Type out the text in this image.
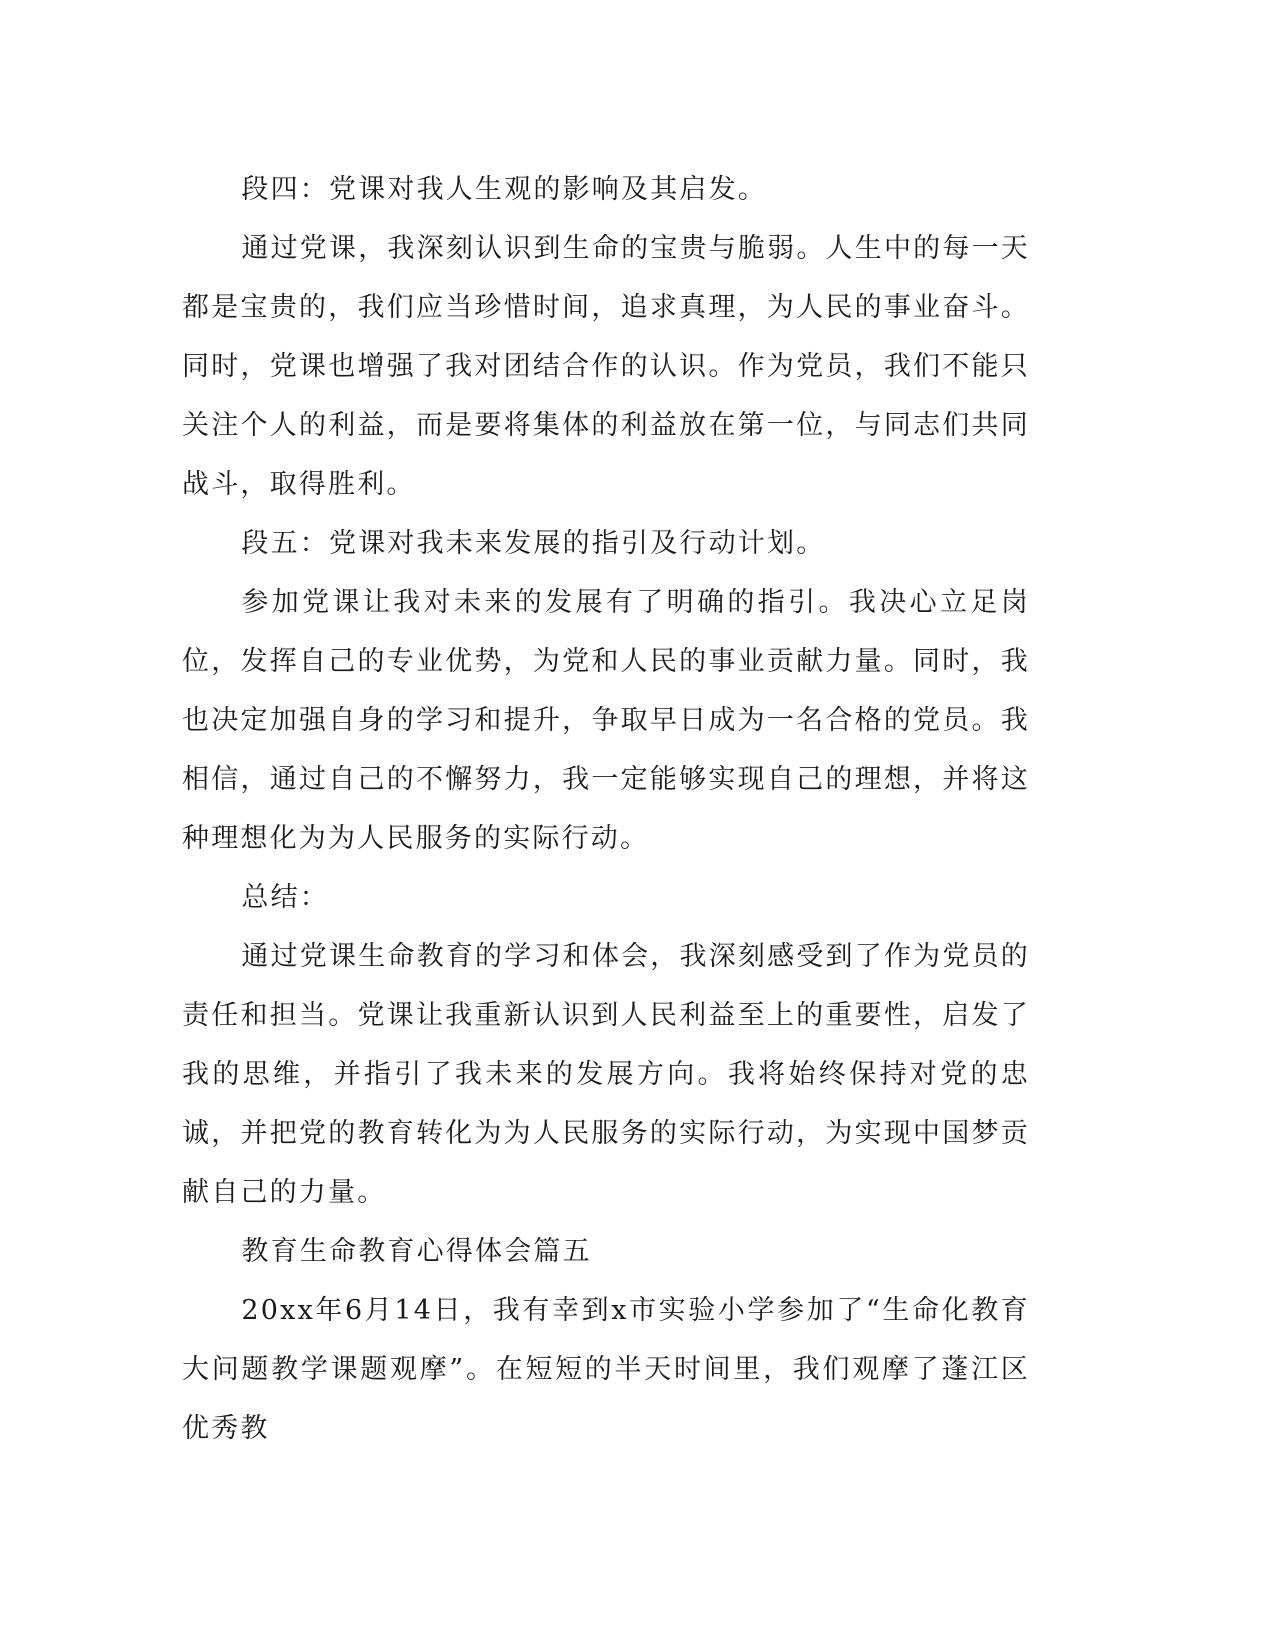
段四：党课对我人生观的影响及其启发。

通过党课，我深刻认识到生命的宝贵与脆弱。人生中的每一天都是宝贵的，我们应当珍惜时间，追求真理，为人民的事业奋斗。同时，党课也增强了我对团结合作的认识。作为党员，我们不能只关注个人的利益，而是要将集体的利益放在第一位，与同志们共同战斗，取得胜利。

段五：党课对我未来发展的指引及行动计划。

参加党课让我对未来的发展有了明确的指引。我决心立足岗位，发挥自己的专业优势，为党和人民的事业贡献力量。同时，我也决定加强自身的学习和提升，争取早日成为一名合格的党员。我相信，通过自己的不懈努力，我一定能够实现自己的理想，并将这种理想化为为人民服务的实际行动。

总结：

通过党课生命教育的学习和体会，我深刻感受到了作为党员的责任和担当。党课让我重新认识到人民利益至上的重要性，启发了我的思维，并指引了我未来的发展方向。我将始终保持对党的忠诚，并把党的教育转化为为人民服务的实际行动，为实现中国梦贡献自己的力量。

教育生命教育心得体会篇五

20xx年6月14日，我有幸到x市实验小学参加了“生命化教育大问题教学课题观摩”。在短短的半天时间里，我们观摩了蓬江区优秀教
